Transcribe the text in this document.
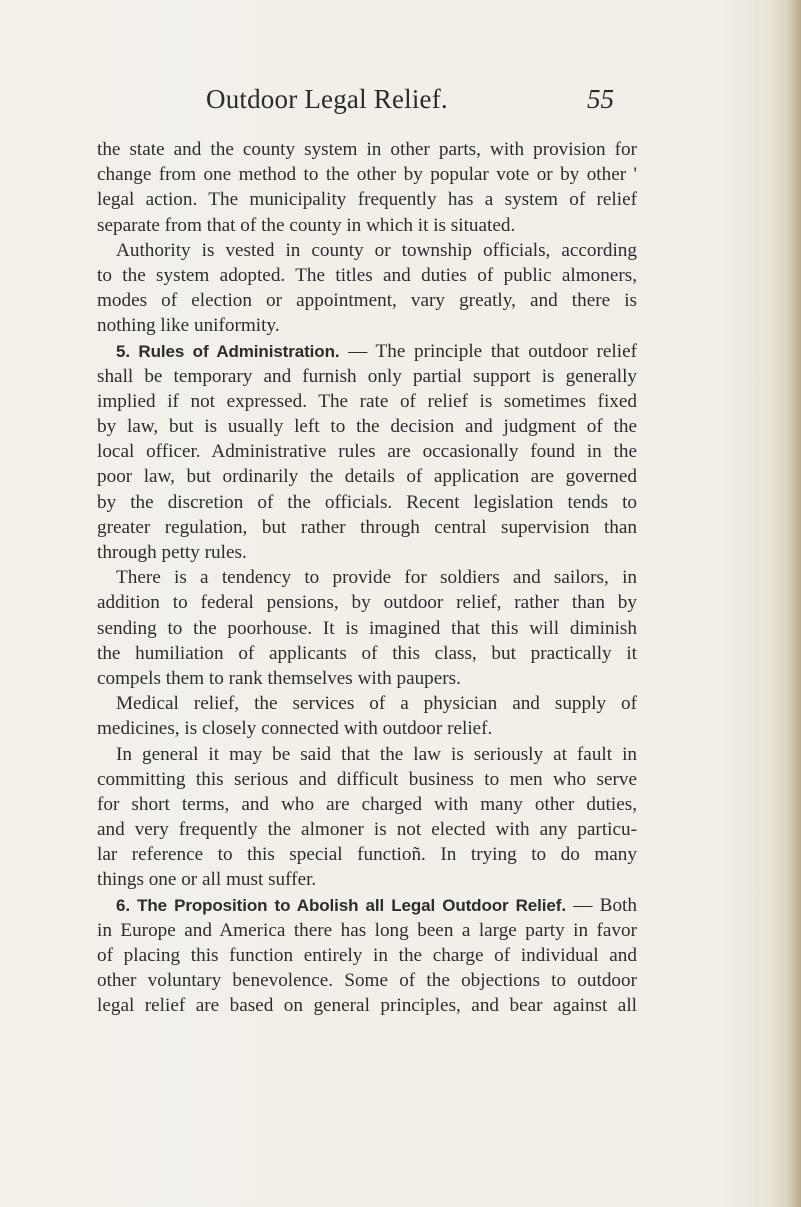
Outdoor Legal Relief.	55
the state and the county system in other parts, with provision for
change from one method to the other by popular vote or by other '
legal action. The municipality frequently has a system of relief
separate from that of the county in which it is situated.
Authority is vested in county or township officials, according
to the system adopted. The titles and duties of public almoners,
modes of election or appointment, vary greatly, and there is
nothing like uniformity.
5. Rules of Administration. — The principle that outdoor relief
shall be temporary and furnish only partial support is generally
implied if not expressed. The rate of relief is sometimes fixed
by law, but is usually left to the decision and judgment of the
local officer. Administrative rules are occasionally found in the
poor law, but ordinarily the details of application are governed
by the discretion of the officials. Recent legislation tends to
greater regulation, but rather through central supervision than
through petty rules.
There is a tendency to provide for soldiers and sailors, in
addition to federal pensions, by outdoor relief, rather than by
sending to the poorhouse. It is imagined that this will diminish
the humiliation of applicants of this class, but practically it
compels them to rank themselves with paupers.
Medical relief, the services of a physician and supply of
medicines, is closely connected with outdoor relief.
In general it may be said that the law is seriously at fault in
committing this serious and difficult business to men who serve
for short terms, and who are charged with many other duties,
and very frequently the almoner is not elected with any particu-
lar reference to this special functioñ. In trying to do many
things one or all must suffer.
6. The Proposition to Abolish all Legal Outdoor Relief. — Both
in Europe and America there has long been a large party in favor
of placing this function entirely in the charge of individual and
other voluntary benevolence. Some of the objections to outdoor
legal relief are based on general principles, and bear against all
